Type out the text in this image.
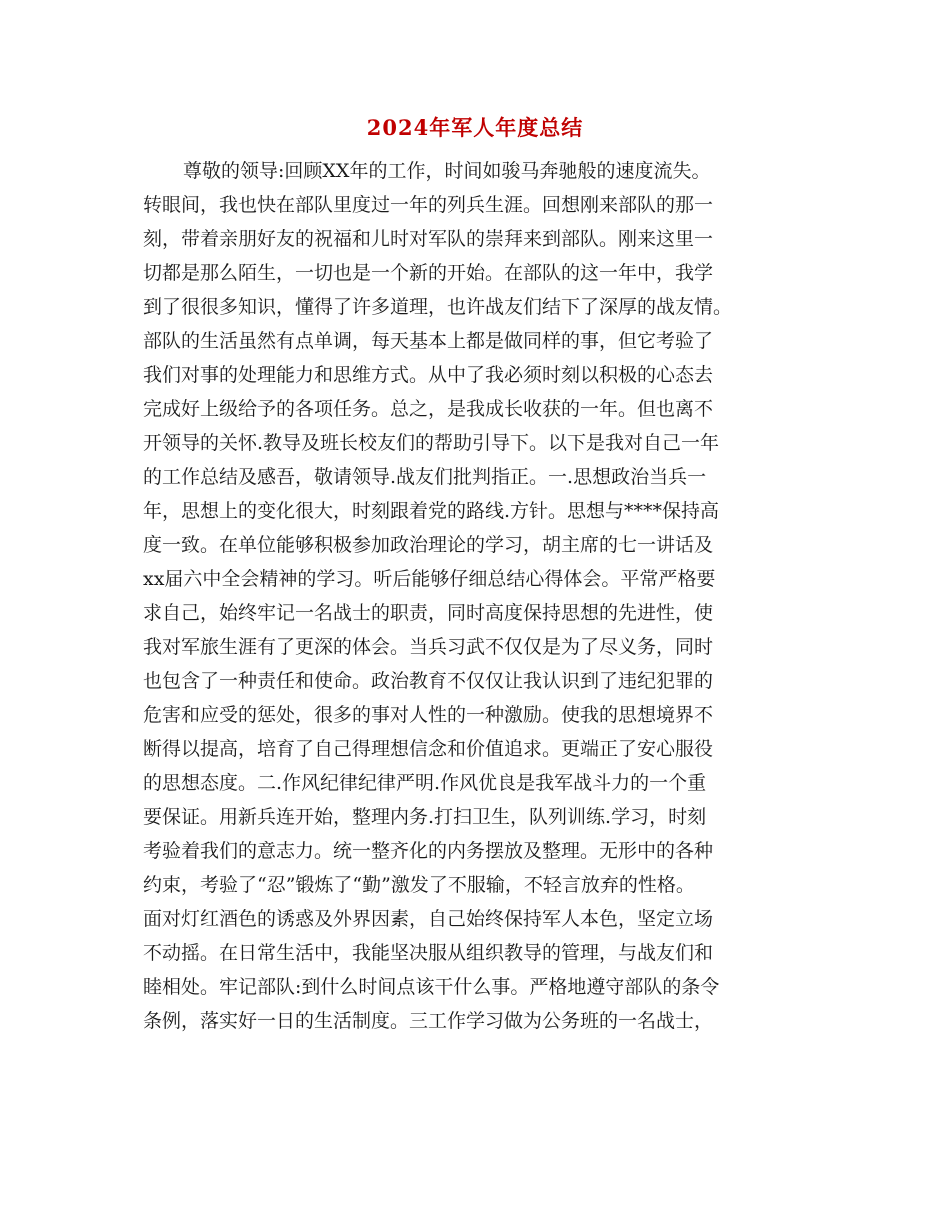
2024年军人年度总结
尊敬的领导:回顾XX年的工作，时间如骏马奔驰般的速度流失。
转眼间，我也快在部队里度过一年的列兵生涯。回想刚来部队的那一
刻，带着亲朋好友的祝福和儿时对军队的崇拜来到部队。刚来这里一
切都是那么陌生，一切也是一个新的开始。在部队的这一年中，我学
到了很很多知识，懂得了许多道理，也许战友们结下了深厚的战友情。
部队的生活虽然有点单调，每天基本上都是做同样的事，但它考验了
我们对事的处理能力和思维方式。从中了我必须时刻以积极的心态去
完成好上级给予的各项任务。总之，是我成长收获的一年。但也离不
开领导的关怀.教导及班长校友们的帮助引导下。以下是我对自己一年
的工作总结及感吾，敬请领导.战友们批判指正。一.思想政治当兵一
年，思想上的变化很大，时刻跟着党的路线.方针。思想与****保持高
度一致。在单位能够积极参加政治理论的学习，胡主席的七一讲话及
xx届六中全会精神的学习。听后能够仔细总结心得体会。平常严格要
求自己，始终牢记一名战士的职责，同时高度保持思想的先进性，使
我对军旅生涯有了更深的体会。当兵习武不仅仅是为了尽义务，同时
也包含了一种责任和使命。政治教育不仅仅让我认识到了违纪犯罪的
危害和应受的惩处，很多的事对人性的一种激励。使我的思想境界不
断得以提高，培育了自己得理想信念和价值追求。更端正了安心服役
的思想态度。二.作风纪律纪律严明.作风优良是我军战斗力的一个重
要保证。用新兵连开始，整理内务.打扫卫生，队列训练.学习，时刻
考验着我们的意志力。统一整齐化的内务摆放及整理。无形中的各种
约束，考验了“忍”锻炼了“勤”激发了不服输，不轻言放弃的性格。
面对灯红酒色的诱惑及外界因素，自己始终保持军人本色，坚定立场
不动摇。在日常生活中，我能坚决服从组织教导的管理，与战友们和
睦相处。牢记部队:到什么时间点该干什么事。严格地遵守部队的条令
条例，落实好一日的生活制度。三工作学习做为公务班的一名战士，
